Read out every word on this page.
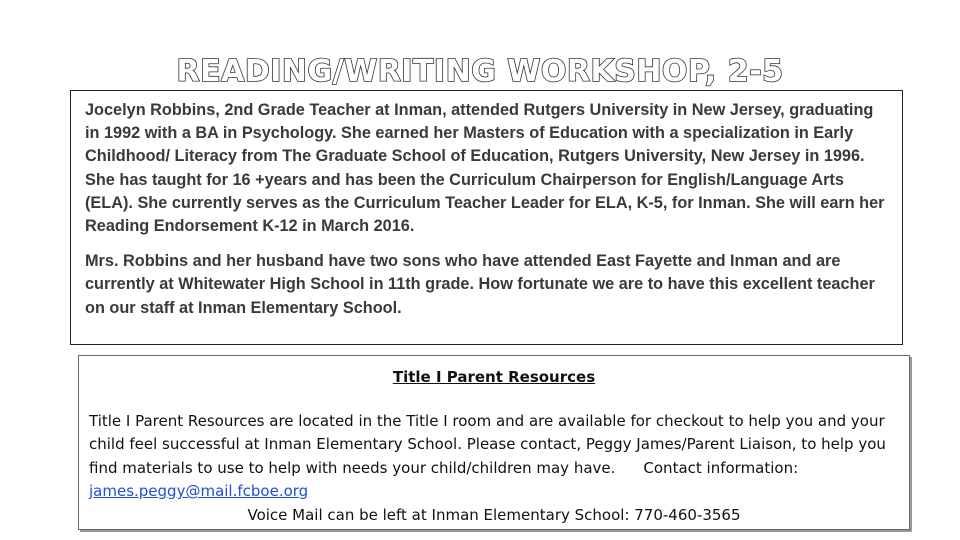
READING/WRITING WORKSHOP, 2-5

Jocelyn Robbins, 2nd Grade Teacher at Inman, attended Rutgers University in New Jersey, graduating in 1992 with a BA in Psychology. She earned her Masters of Education with a specialization in Early Childhood/ Literacy from The Graduate School of Education, Rutgers University, New Jersey in 1996. She has taught for 16 +years and has been the Curriculum Chairperson for English/Language Arts (ELA). She currently serves as the Curriculum Teacher Leader for ELA, K-5, for Inman. She will earn her Reading Endorsement K-12 in March 2016.

Mrs. Robbins and her husband have two sons who have attended East Fayette and Inman and are currently at Whitewater High School in 11th grade. How fortunate we are to have this excellent teacher on our staff at Inman Elementary School.

Title I Parent Resources

Title I Parent Resources are located in the Title I room and are available for checkout to help you and your child feel successful at Inman Elementary School. Please contact, Peggy James/Parent Liaison, to help you find materials to use to help with needs your child/children may have. Contact information: james.peggy@mail.fcboe.org

Voice Mail can be left at Inman Elementary School: 770-460-3565
